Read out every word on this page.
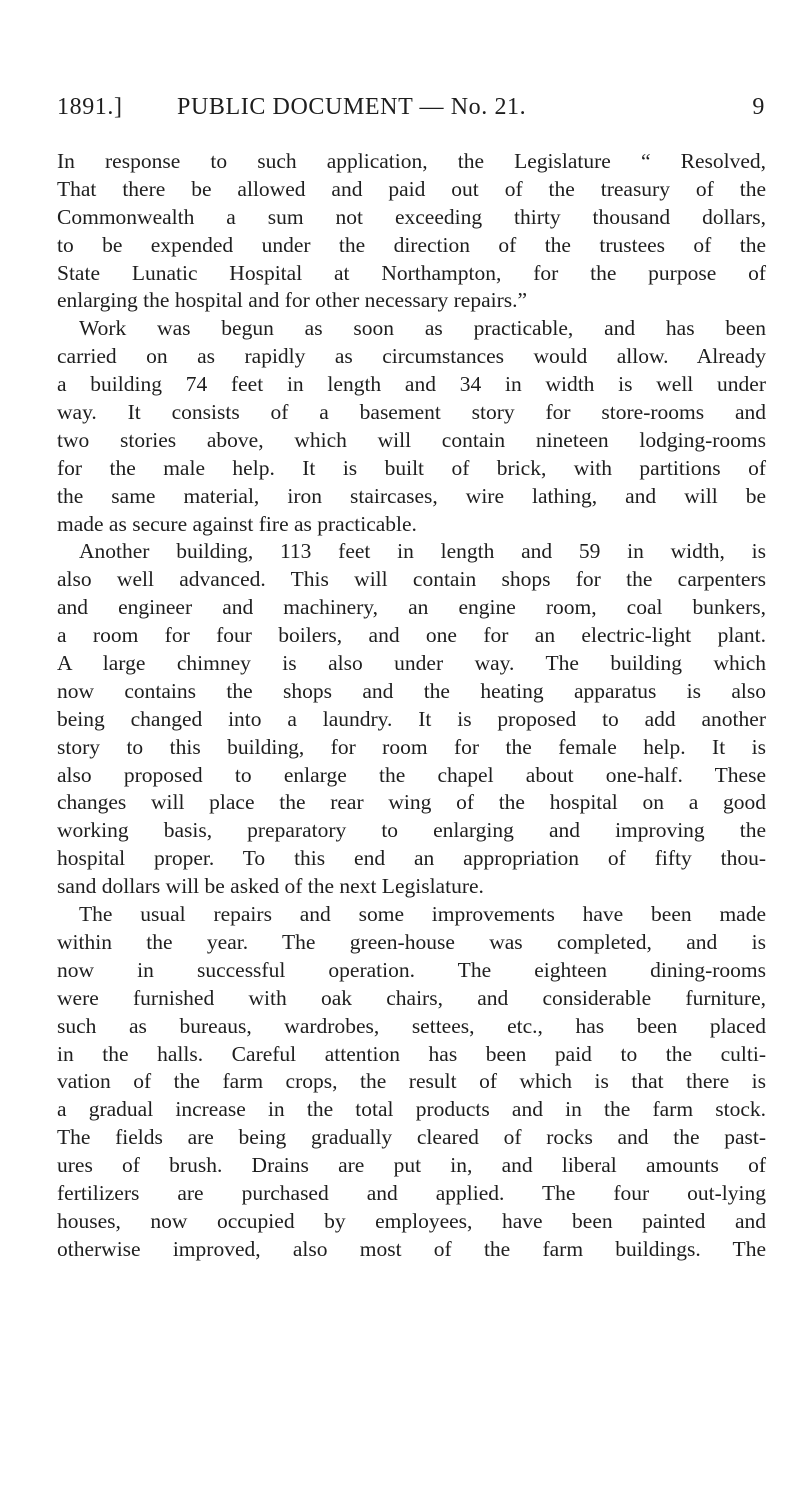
1891.] PUBLIC DOCUMENT — No. 21.	9
In response to such application, the Legislature “ Resolved,
That there be allowed and paid out of the treasury of the
Commonwealth a sum not exceeding thirty thousand dollars,
to be expended under the direction of the trustees of the
State Lunatic Hospital at Northampton, for the purpose of
enlarging the hospital and for other necessary repairs.”
Work was begun as soon as practicable, and has been
carried on as rapidly as circumstances would allow. Already
a building 74 feet in length and 34 in width is well under
way. It consists of a basement story for store-rooms and
two stories above, which will contain nineteen lodging-rooms
for the male help. It is built of brick, with partitions of
the same material, iron staircases, wire lathing, and will be
made as secure against fire as practicable.
Another building, 113 feet in length and 59 in width, is
also well advanced. This will contain shops for the carpenters
and engineer and machinery, an engine room, coal bunkers,
a room for four boilers, and one for an electric-light plant.
A large chimney is also under way. The building which
now contains the shops and the heating apparatus is also
being changed into a laundry. It is proposed to add another
story to this building, for room for the female help. It is
also proposed to enlarge the chapel about one-half. These
changes will place the rear wing of the hospital on a good
working basis, preparatory to enlarging and improving the
hospital proper. To this end an appropriation of fifty thou-
sand dollars will be asked of the next Legislature.
The usual repairs and some improvements have been made
within the year. The green-house was completed, and is
now in successful operation. The eighteen dining-rooms
were furnished with oak chairs, and considerable furniture,
such as bureaus, wardrobes, settees, etc., has been placed
in the halls. Careful attention has been paid to the culti-
vation of the farm crops, the result of which is that there is
a gradual increase in the total products and in the farm stock.
The fields are being gradually cleared of rocks and the past-
ures of brush. Drains are put in, and liberal amounts of
fertilizers are purchased and applied. The four out-lying
houses, now occupied by employees, have been painted and
otherwise improved, also most of the farm buildings. The
